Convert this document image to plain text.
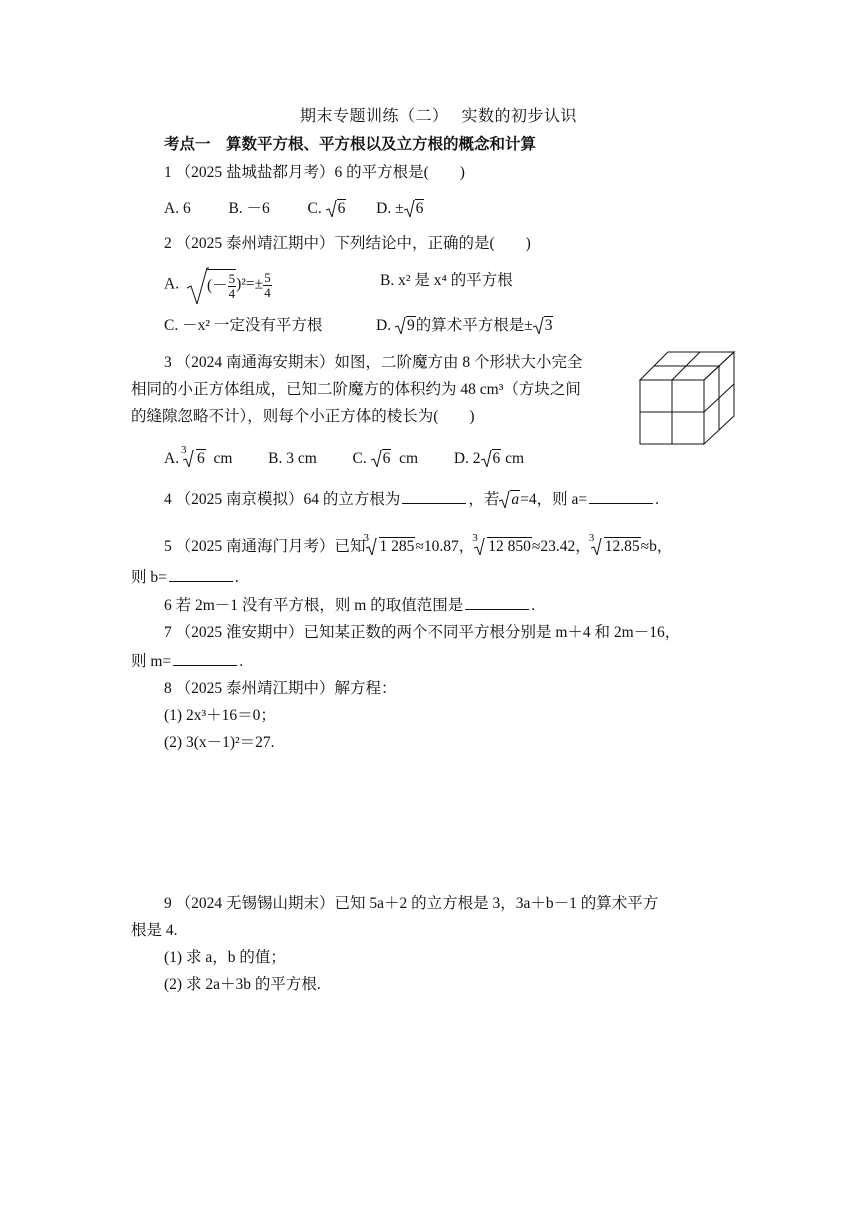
期末专题训练（二）　 实数的初步认识
考点一　算数平方根、平方根以及立方根的概念和计算
1 （2025 盐城盐都月考）6 的平方根是(　　)
A. 6 B. －6 C. 6 D. ± 6
2 （2025 泰州靖江期中）下列结论中，正确的是(　　)
A. (－ $\frac{5}{4} )^2=\pm \frac{5}{4}$	B. x² 是 x⁴ 的平方根
C. －x² 一定没有平方根	D. 9的算术平方根是± 3
3 （2024 南通海安期末）如图，二阶魔方由 8 个形状大小完全
相同的小正方体组成，已知二阶魔方的体积约为 48 cm³（方块之间
的缝隙忽略不计），则每个小正方体的棱长为(　　)
A.
3 6 cm B. 3 cm C.
6 cm D. 2 6 cm
4 （2025 南京模拟）64 的立方根为	，若 a=4，则 a=	.
5 （2025 南通海门月考）已知
3 1 285≈10.87，
3 12 850≈23.42，
3 12.85≈b，
则 b=	.
6 若 2m－1 没有平方根，则 m 的取值范围是	.
7 （2025 淮安期中）已知某正数的两个不同平方根分别是 m＋4 和 2m－16，
则 m=	.
8 （2025 泰州靖江期中）解方程：
(1) 2x³＋16＝0；
(2) 3(x－1)²＝27.
9 （2024 无锡锡山期末）已知 5a＋2 的立方根是 3，3a＋b－1 的算术平方
根是 4.
(1) 求 a，b 的值；
(2) 求 2a＋3b 的平方根.
